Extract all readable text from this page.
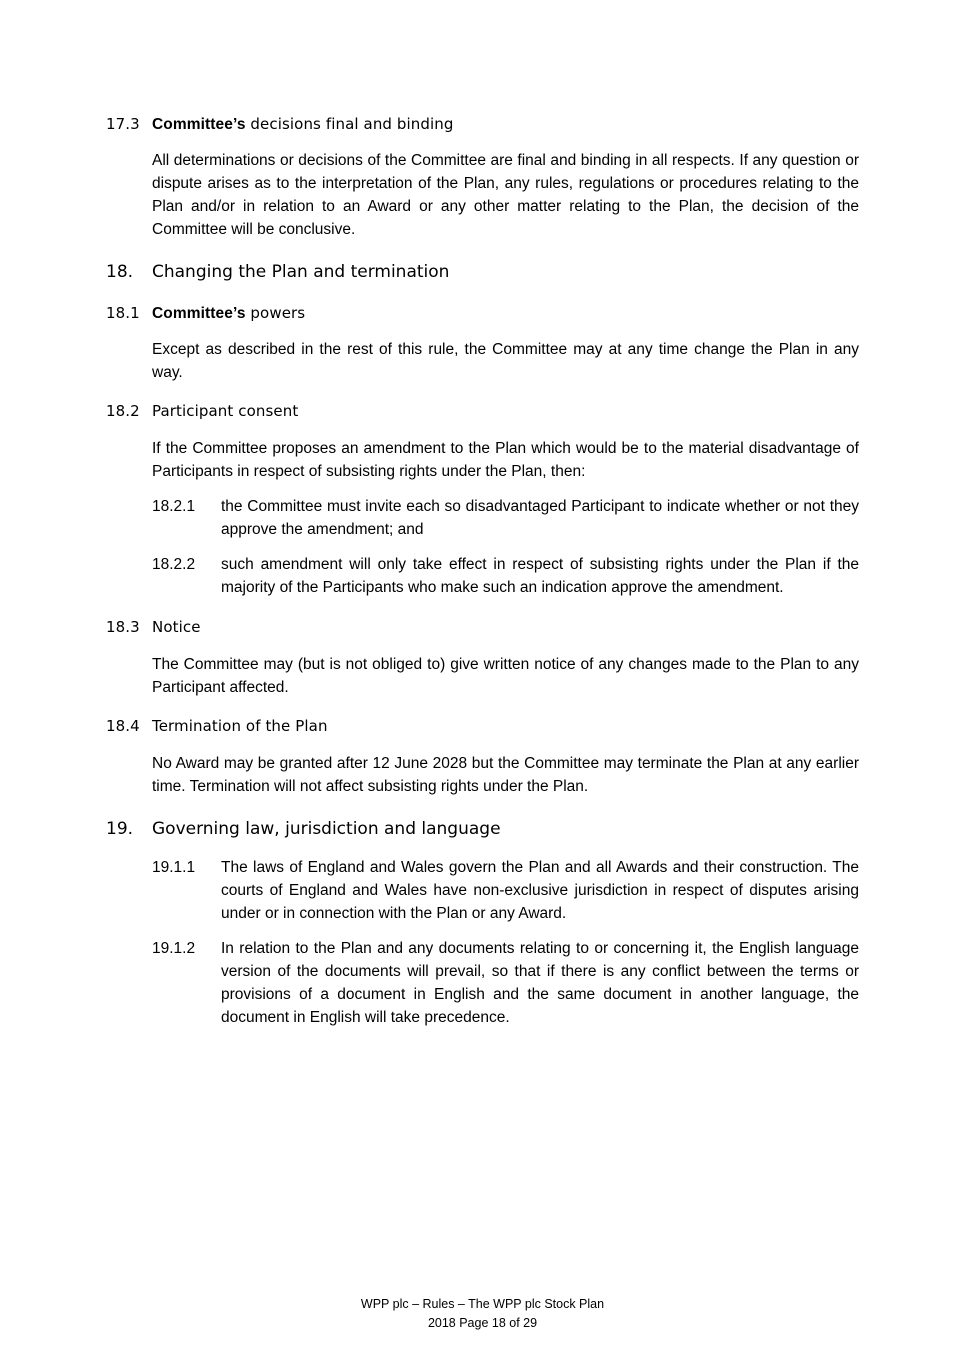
17.3 Committee’s decisions final and binding
All determinations or decisions of the Committee are final and binding in all respects. If any question or dispute arises as to the interpretation of the Plan, any rules, regulations or procedures relating to the Plan and/or in relation to an Award or any other matter relating to the Plan, the decision of the Committee will be conclusive.
18. Changing the Plan and termination
18.1 Committee’s powers
Except as described in the rest of this rule, the Committee may at any time change the Plan in any way.
18.2 Participant consent
If the Committee proposes an amendment to the Plan which would be to the material disadvantage of Participants in respect of subsisting rights under the Plan, then:
18.2.1 the Committee must invite each so disadvantaged Participant to indicate whether or not they approve the amendment; and
18.2.2 such amendment will only take effect in respect of subsisting rights under the Plan if the majority of the Participants who make such an indication approve the amendment.
18.3 Notice
The Committee may (but is not obliged to) give written notice of any changes made to the Plan to any Participant affected.
18.4 Termination of the Plan
No Award may be granted after 12 June 2028 but the Committee may terminate the Plan at any earlier time. Termination will not affect subsisting rights under the Plan.
19. Governing law, jurisdiction and language
19.1.1 The laws of England and Wales govern the Plan and all Awards and their construction. The courts of England and Wales have non-exclusive jurisdiction in respect of disputes arising under or in connection with the Plan or any Award.
19.1.2 In relation to the Plan and any documents relating to or concerning it, the English language version of the documents will prevail, so that if there is any conflict between the terms or provisions of a document in English and the same document in another language, the document in English will take precedence.
WPP plc – Rules – The WPP plc Stock Plan
2018 Page 18 of 29
